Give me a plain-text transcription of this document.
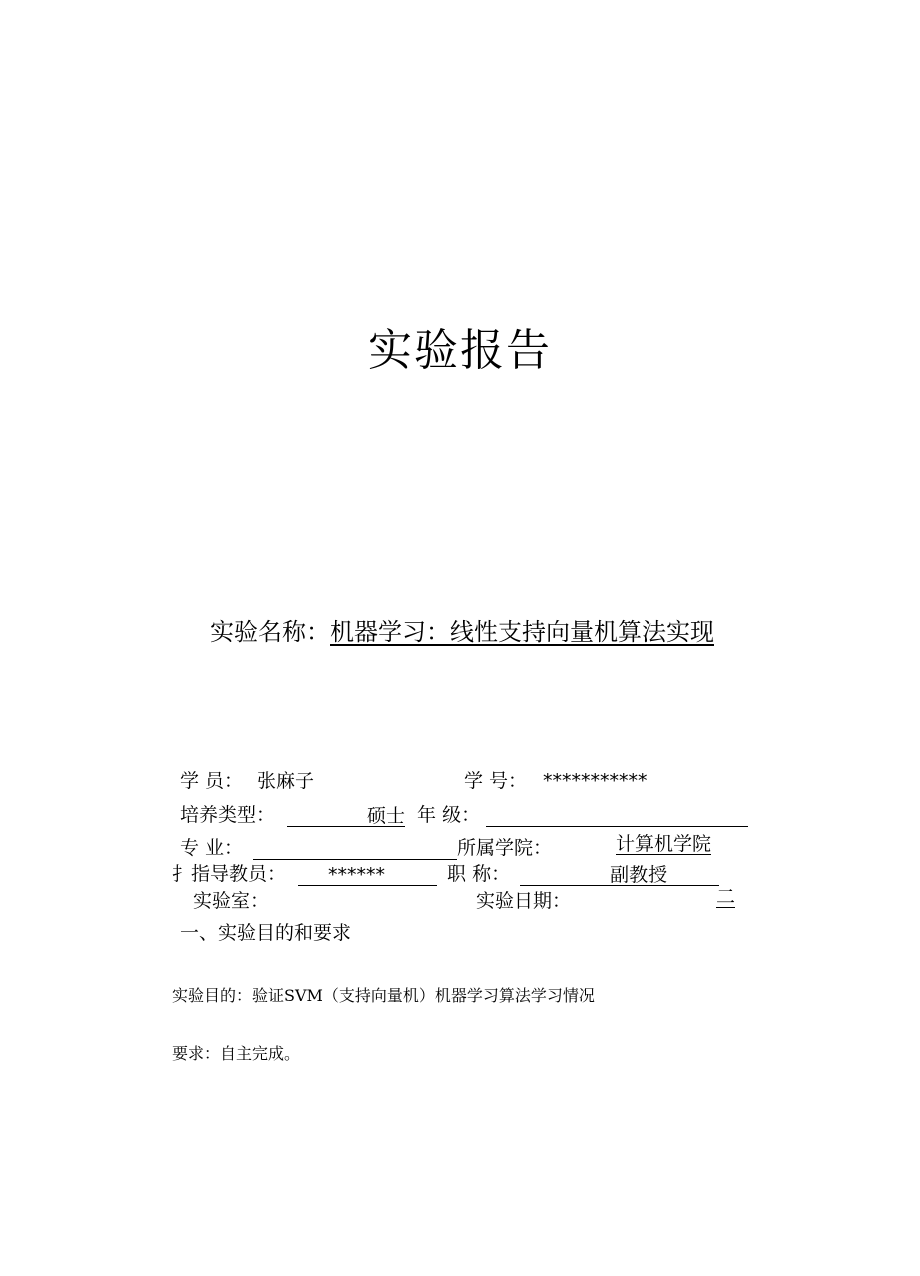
实验报告
实验名称：机器学习：线性支持向量机算法实现
学 员： 张麻子	学 号： ***********
培养类型：	硕士 年 级：
专 业：	所属学院：	计算机学院
扌指导教员： ******	职 称：	副教授
实验室：	实验日期：	二
一、实验目的和要求
实验目的：验证SVM（支持向量机）机器学习算法学习情况
要求：自主完成。
